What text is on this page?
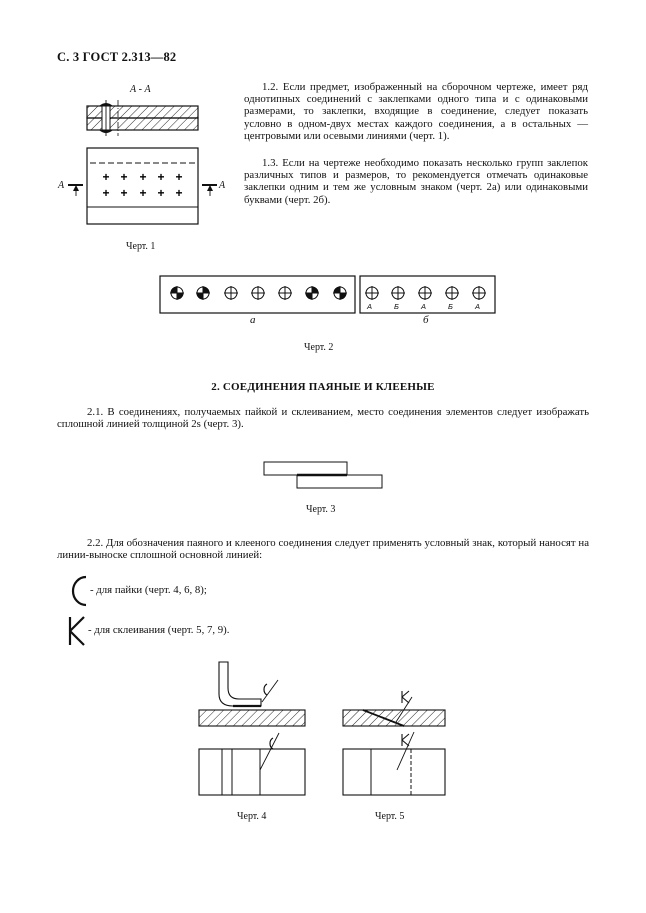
С. 3 ГОСТ 2.313—82
1.2. Если предмет, изображенный на сборочном чертеже, имеет ряд однотипных соединений с заклепками одного типа и с одинаковыми размерами, то заклепки, входящие в соединение, следует показать условно в одном-двух местах каждого соединения, а в остальных — центровыми или осевыми линиями (черт. 1).
1.3. Если на чертеже необходимо показать несколько групп заклепок различных типов и размеров, то рекомендуется отмечать одинаковые заклепки одним и тем же условным знаком (черт. 2а) или одинаковыми буквами (черт. 2б).
+ + + + +
+ + + + +
А - А
А	А
Черт. 1
А	Б	А	Б	А
а	б
Черт. 2
2. СОЕДИНЕНИЯ ПАЯНЫЕ И КЛЕЕНЫЕ
2.1. В соединениях, получаемых пайкой и склеиванием, место соединения элементов следует изображать сплошной линией толщиной 2s (черт. 3).
Черт. 3
2.2. Для обозначения паяного и клееного соединения следует применять условный знак, который наносят на линии-выноске сплошной основной линией:
- для пайки (черт. 4, 6, 8);
- для склеивания (черт. 5, 7, 9).
Черт. 4	Черт. 5
